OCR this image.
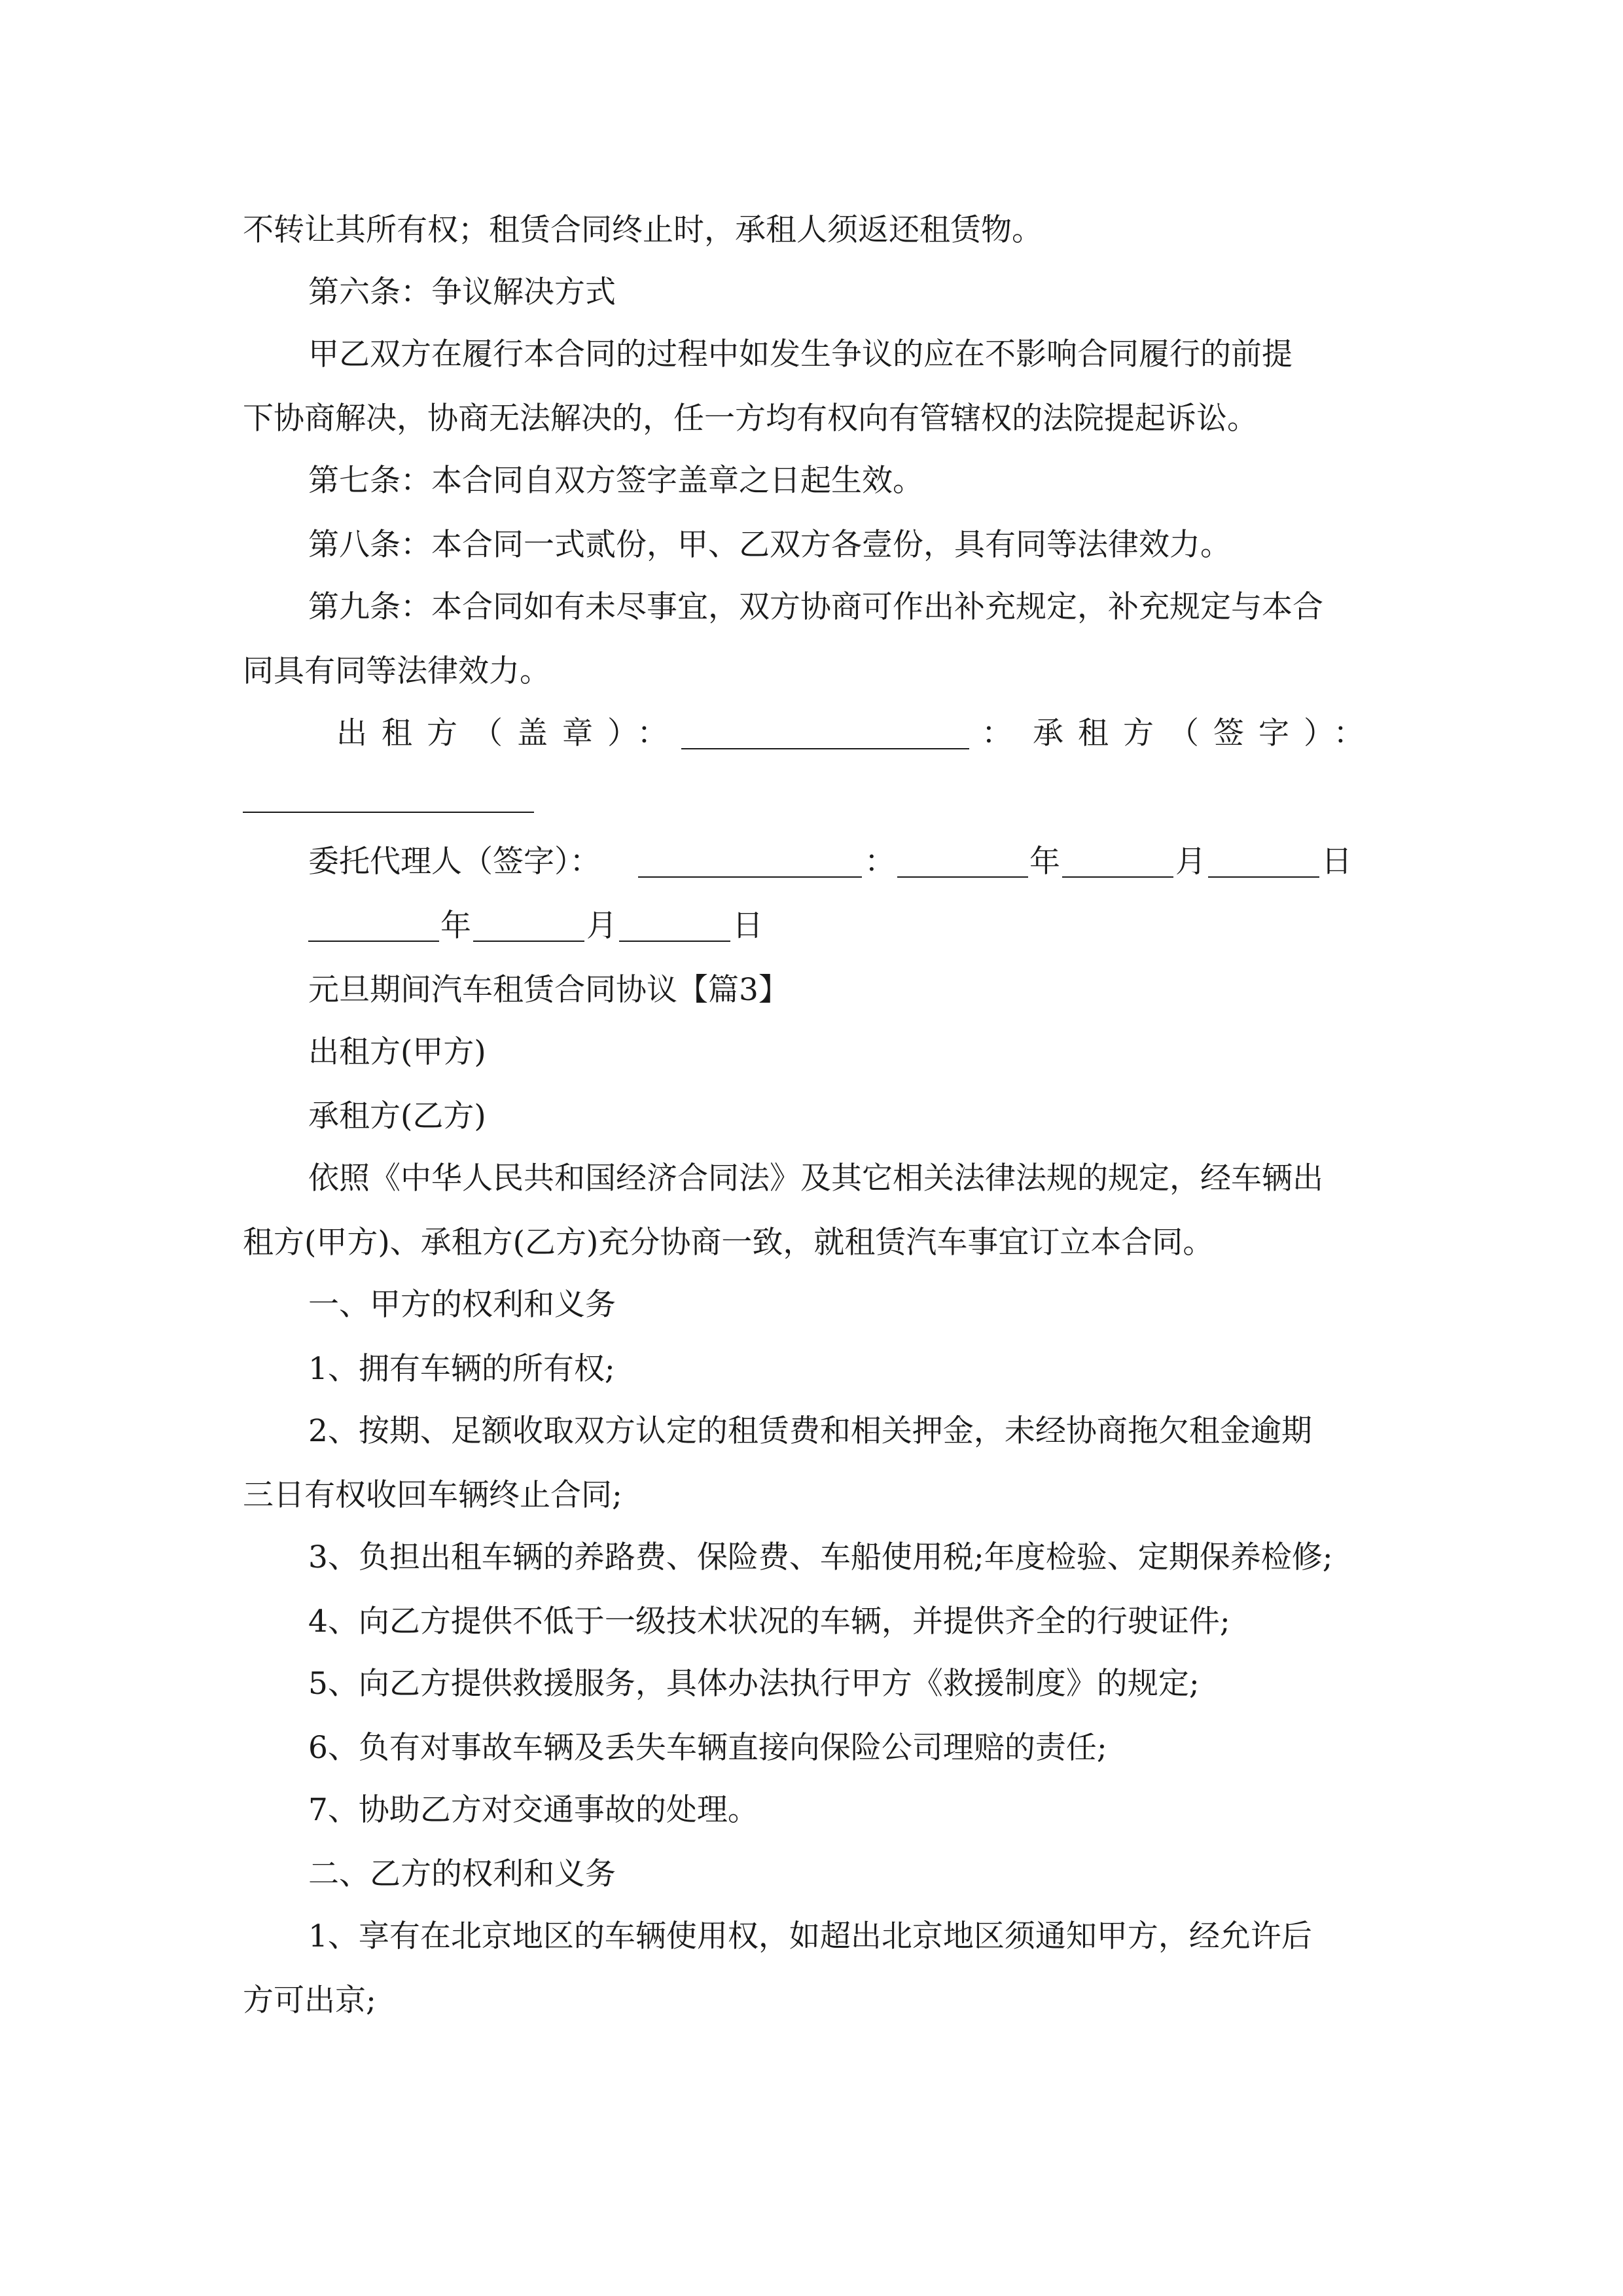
不转让其所有权；租赁合同终止时，承租人须返还租赁物。
第六条：争议解决方式
甲乙双方在履行本合同的过程中如发生争议的应在不影响合同履行的前提
下协商解决，协商无法解决的，任一方均有权向有管辖权的法院提起诉讼。
第七条：本合同自双方签字盖章之日起生效。
第八条：本合同一式贰份，甲、乙双方各壹份，具有同等法律效力。
第九条：本合同如有未尽事宜，双方协商可作出补充规定，补充规定与本合
同具有同等法律效力。
出租方（盖章）：	： 承租方（签字）：
委托代理人（签字）：	：	年	月	日
年	月	日
元旦期间汽车租赁合同协议【篇3】
出租方(甲方)
承租方(乙方)
依照《中华人民共和国经济合同法》及其它相关法律法规的规定，经车辆出
租方(甲方)、承租方(乙方)充分协商一致，就租赁汽车事宜订立本合同。
一、甲方的权利和义务
1、拥有车辆的所有权;
2、按期、足额收取双方认定的租赁费和相关押金，未经协商拖欠租金逾期
三日有权收回车辆终止合同;
3、负担出租车辆的养路费、保险费、车船使用税;年度检验、定期保养检修;
4、向乙方提供不低于一级技术状况的车辆，并提供齐全的行驶证件;
5、向乙方提供救援服务，具体办法执行甲方《救援制度》的规定;
6、负有对事故车辆及丢失车辆直接向保险公司理赔的责任;
7、协助乙方对交通事故的处理。
二、乙方的权利和义务
1、享有在北京地区的车辆使用权，如超出北京地区须通知甲方，经允许后
方可出京;
